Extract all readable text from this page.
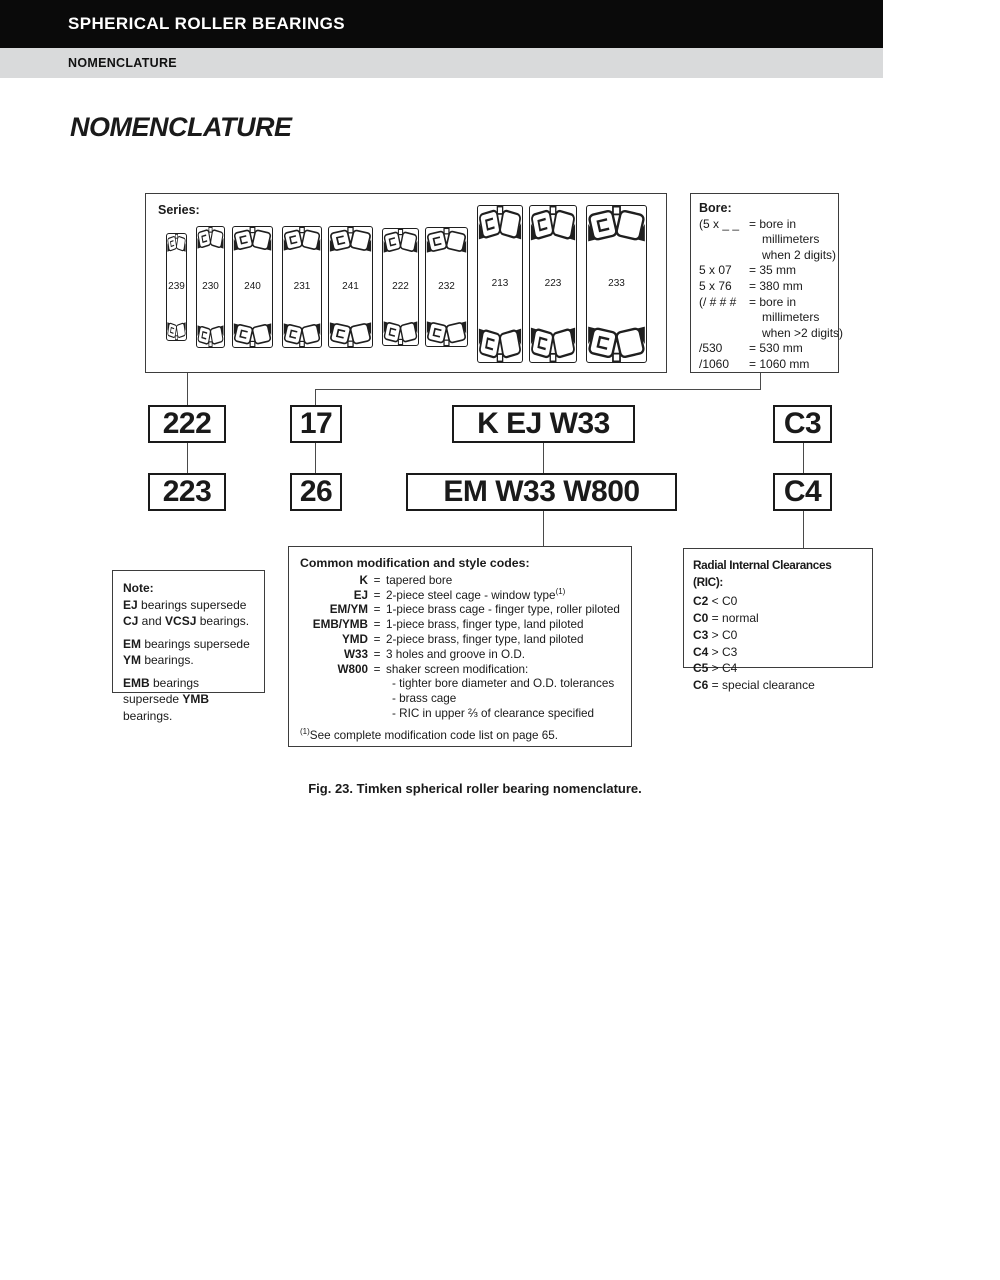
SPHERICAL ROLLER BEARINGS
NOMENCLATURE
NOMENCLATURE
Series:
239	230	240	231	241	222	232	213	223	233
Bore:
(5 x _ _ = bore in
millimeters
when 2 digits)
5 x 07	= 35 mm
5 x 76	= 380 mm
(/ # # #	= bore in
millimeters
when >2 digits)
/530	= 530 mm
/1060	= 1060 mm
222	17	K EJ W33	C3
223	26	EM W33 W800	C4
Note:

EJ bearings supersede CJ and VCSJ bearings.

EM bearings supersede YM bearings.

EMB bearings supersede YMB bearings.

Common modification and style codes:
K = tapered bore
EJ = 2-piece steel cage - window type$^{(1)}$
EM/YM = 1-piece brass cage - finger type, roller piloted
EMB/YMB = 1-piece brass, finger type, land piloted
YMD = 2-piece brass, finger type, land piloted
W33 = 3 holes and groove in O.D.
W800 = shaker screen modification:
- tighter bore diameter and O.D. tolerances
- brass cage
- RIC in upper ⅔ of clearance specified
$^{(1)}$See complete modification code list on page 65.
Radial Internal Clearances (RIC):
C2 < C0
C0 = normal
C3 > C0
C4 > C3
C5 > C4
C6 = special clearance
Fig. 23. Timken spherical roller bearing nomenclature.
